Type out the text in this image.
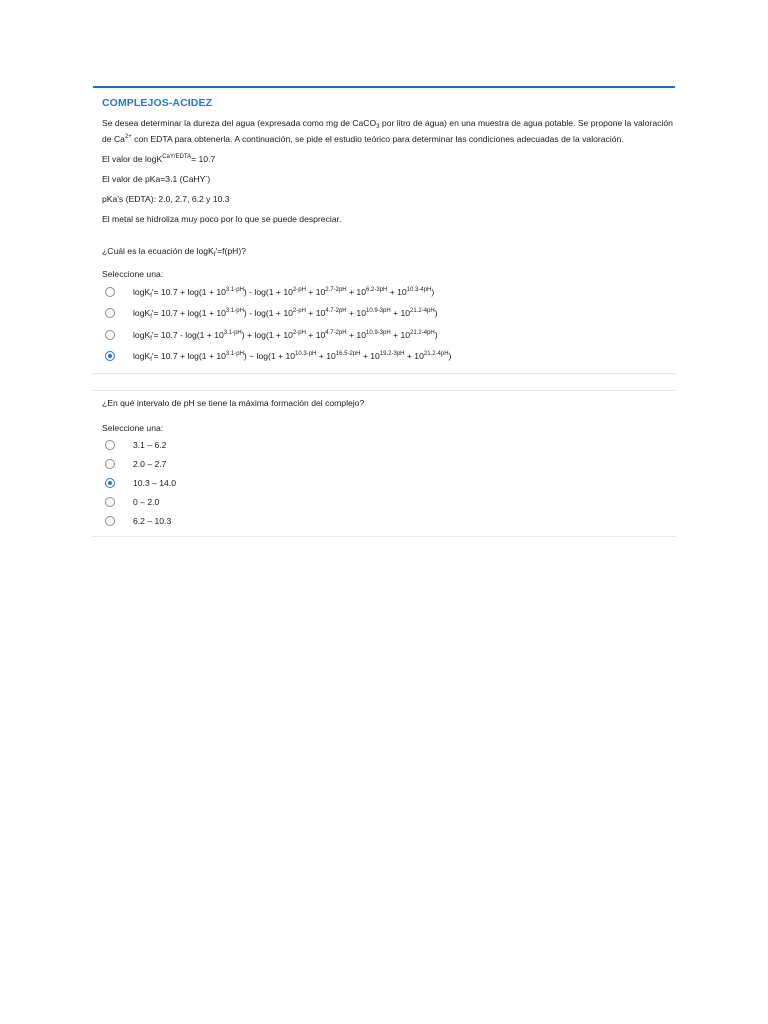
COMPLEJOS-ACIDEZ
Se desea determinar la dureza del agua (expresada como mg de CaCO$_3$ por litro de agua) en una muestra de agua potable. Se propone la valoración de $Ca^{2+}$ con EDTA para obtenerla. A continuación, se pide el estudio teórico para determinar las condiciones adecuadas de la valoración.
El valor de logK$^{CaY/EDTA}$= 10.7
El valor de pKa=3.1 (CaHY-)
pKa's (EDTA): 2.0, 2.7, 6.2 y 10.3
El metal se hidroliza muy poco por lo que se puede despreciar.
¿Cuál es la ecuación de logK$_f$'=f(pH)?
Seleccione una:
$\log K_f'= 10.7 + \log(1 + 10^{3.1-pH}) - \log(1 + 10^{2-pH} + 10^{2.7-2pH} + 10^{6.2-3pH} + 10^{10.3-4pH})$
$\log K_f'= 10.7 + \log(1 + 10^{3.1-pH}) - \log(1 + 10^{2-pH} + 10^{4.7-2pH} + 10^{10.9-3pH} + 10^{21.2-4pH})$
$\log K_f'= 10.7 - \log(1 + 10^{3.1-pH}) + \log(1 + 10^{2-pH} + 10^{4.7-2pH} + 10^{10.9-3pH} + 10^{21.2-4pH})$
$\log K_f'= 10.7 + \log(1 + 10^{3.1-pH}) - \log(1 + 10^{10.3-pH} + 10^{16.5-2pH} + 10^{19.2-3pH} + 10^{21.2-4pH})$
¿En qué intervalo de pH se tiene la máxima formación del complejo?
Seleccione una:
3.1 – 6.2
2.0 – 2.7
10.3 – 14.0
0 – 2.0
6.2 – 10.3
